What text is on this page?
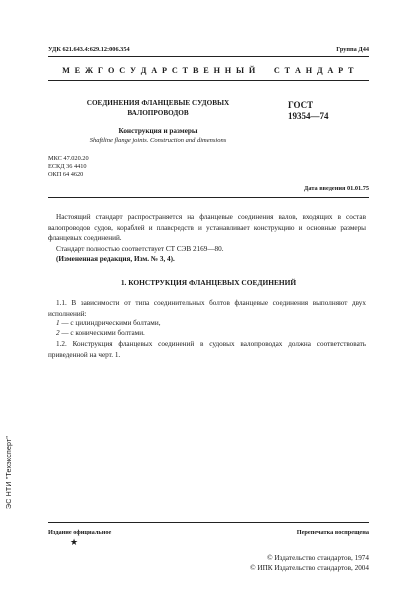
УДК 621.643.4:629.12:006.354	Группа Д44
М Е Ж Г О С У Д А Р С Т В Е Н Н Ы Й     С Т А Н Д А Р Т
СОЕДИНЕНИЯ ФЛАНЦЕВЫЕ СУДОВЫХ
ВАЛОПРОВОДОВ
Конструкция и размеры
Shaftline flange joints. Construction and dimensions
ГОСТ
19354—74
МКС 47.020.20
ЕСКД 36 4410
ОКП 64 4620
Дата введения 01.01.75
Настоящий стандарт распространяется на фланцевые соединения валов, входящих в состав валопроводов судов, кораблей и плавсредств и устанавливает конструкцию и основные размеры фланцевых соединений.
Стандарт полностью соответствует СТ СЭВ 2169—80.
(Измененная редакция, Изм. № 3, 4).
1. КОНСТРУКЦИЯ ФЛАНЦЕВЫХ СОЕДИНЕНИЙ
1.1. В зависимости от типа соединительных болтов фланцевые соединения выполняют двух исполнений:
1 — с цилиндрическими болтами,
2 — с коническими болтами.
1.2. Конструкция фланцевых соединений в судовых валопроводах должна соответствовать приведенной на черт. 1.
ЭС НТИ "Техэксперт"
Издание официальное
★
Перепечатка воспрещена
© Издательство стандартов, 1974
© ИПК Издательство стандартов, 2004
